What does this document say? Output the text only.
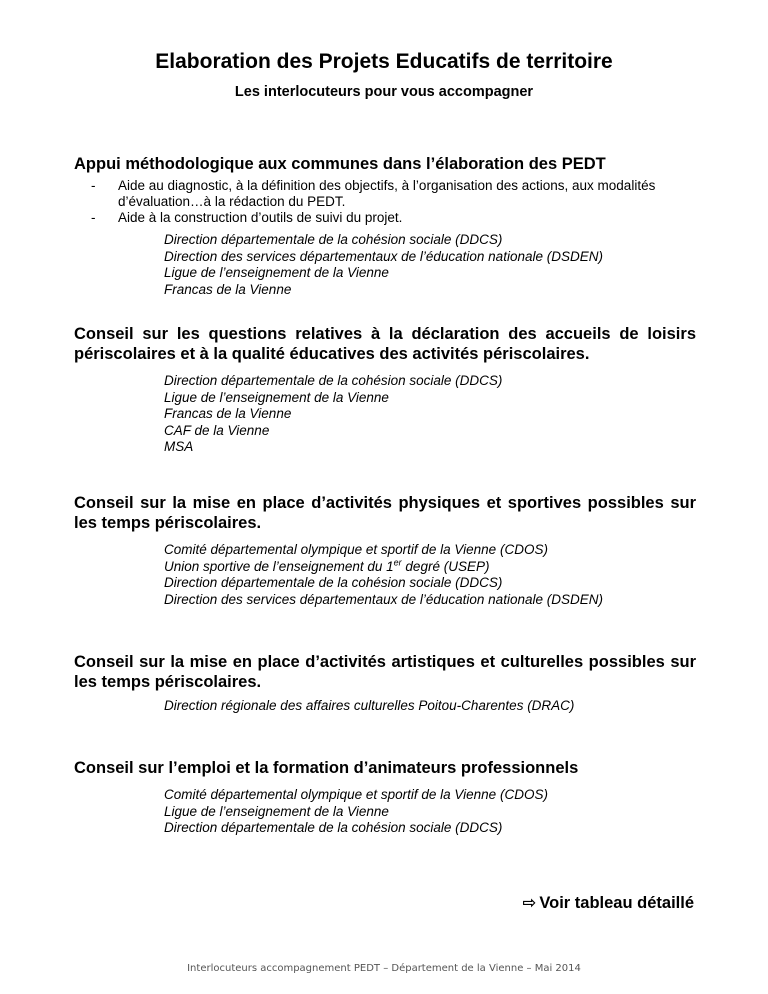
Elaboration des Projets Educatifs de territoire
Les interlocuteurs pour vous accompagner
Appui méthodologique aux communes dans l’élaboration des PEDT
- Aide au diagnostic, à la définition des objectifs, à l’organisation des actions, aux modalités d’évaluation…à la rédaction du PEDT.
- Aide à la construction d’outils de suivi du projet.
Direction départementale de la cohésion sociale (DDCS)
Direction des services départementaux de l’éducation nationale (DSDEN)
Ligue de l’enseignement de la Vienne
Francas de la Vienne
Conseil sur les questions relatives à la déclaration des accueils de loisirs périscolaires et à la qualité éducatives des activités périscolaires.
Direction départementale de la cohésion sociale (DDCS)
Ligue de l’enseignement de la Vienne
Francas de la Vienne
CAF de la Vienne
MSA
Conseil sur la mise en place d’activités physiques et sportives possibles sur les temps périscolaires.
Comité départemental olympique et sportif de la Vienne (CDOS)
Union sportive de l’enseignement du 1er degré (USEP)
Direction départementale de la cohésion sociale (DDCS)
Direction des services départementaux de l’éducation nationale (DSDEN)
Conseil sur la mise en place d’activités artistiques et culturelles possibles sur les temps périscolaires.
Direction régionale des affaires culturelles Poitou-Charentes (DRAC)
Conseil sur l’emploi et la formation d’animateurs professionnels
Comité départemental olympique et sportif de la Vienne (CDOS)
Ligue de l’enseignement de la Vienne
Direction départementale de la cohésion sociale (DDCS)
⇨ Voir tableau détaillé
Interlocuteurs accompagnement PEDT – Département de la Vienne – Mai 2014
